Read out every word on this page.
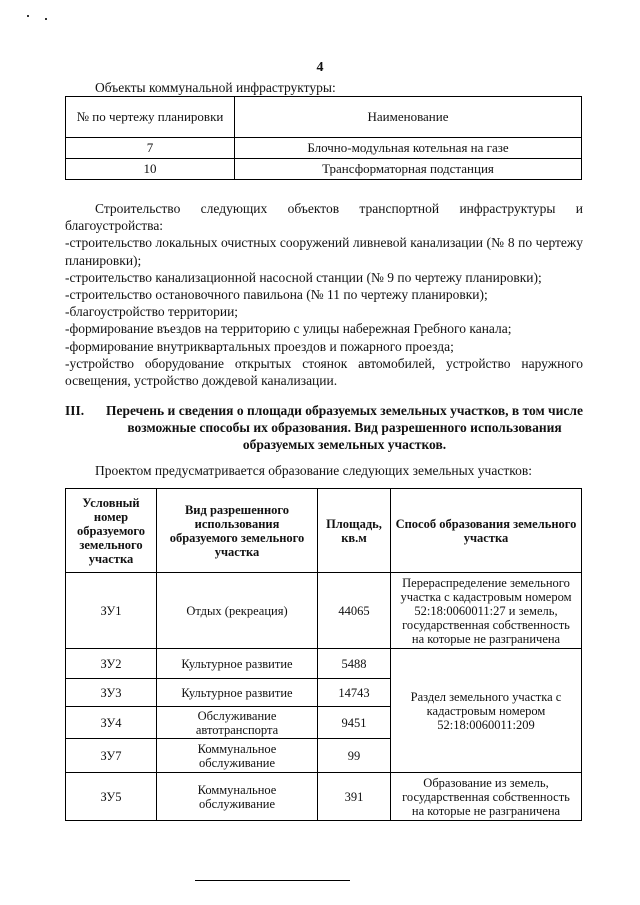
4
Объекты коммунальной инфраструктуры:
№ по чертежу планировки	Наименование
7	Блочно-модульная котельная на газе
10	Трансформаторная подстанция

Строительство следующих объектов транспортной инфраструктуры и благоустройства:

-строительство локальных очистных сооружений ливневой канализации (№ 8 по чертежу планировки);

-строительство канализационной насосной станции (№ 9 по чертежу планировки);

-строительство остановочного павильона (№ 11 по чертежу планировки);

-благоустройство территории;

-формирование въездов на территорию с улицы набережная Гребного канала;

-формирование внутриквартальных проездов и пожарного проезда;

-устройство оборудование открытых стоянок автомобилей, устройство наружного освещения, устройство дождевой канализации.

III. Перечень и сведения о площади образуемых земельных участков, в том числе возможные способы их образования. Вид разрешенного использования образуемых земельных участков.
Проектом предусматривается образование следующих земельных участков:
Условный номер образуемого земельного участка	Вид разрешенного использования образуемого земельного участка	Площадь, кв.м	Способ образования земельного участка
ЗУ1	Отдых (рекреация)	44065	Перераспределение земельного участка с кадастровым номером 52:18:0060011:27 и земель, государственная собственность на которые не разграничена
ЗУ2	Культурное развитие	5488	Раздел земельного участка с кадастровым номером 52:18:0060011:209
ЗУ3	Культурное развитие	14743	
ЗУ4	Обслуживание автотранспорта	9451	
ЗУ7	Коммунальное обслуживание	99	
ЗУ5	Коммунальное обслуживание	391	Образование из земель, государственная собственность на которые не разграничена
